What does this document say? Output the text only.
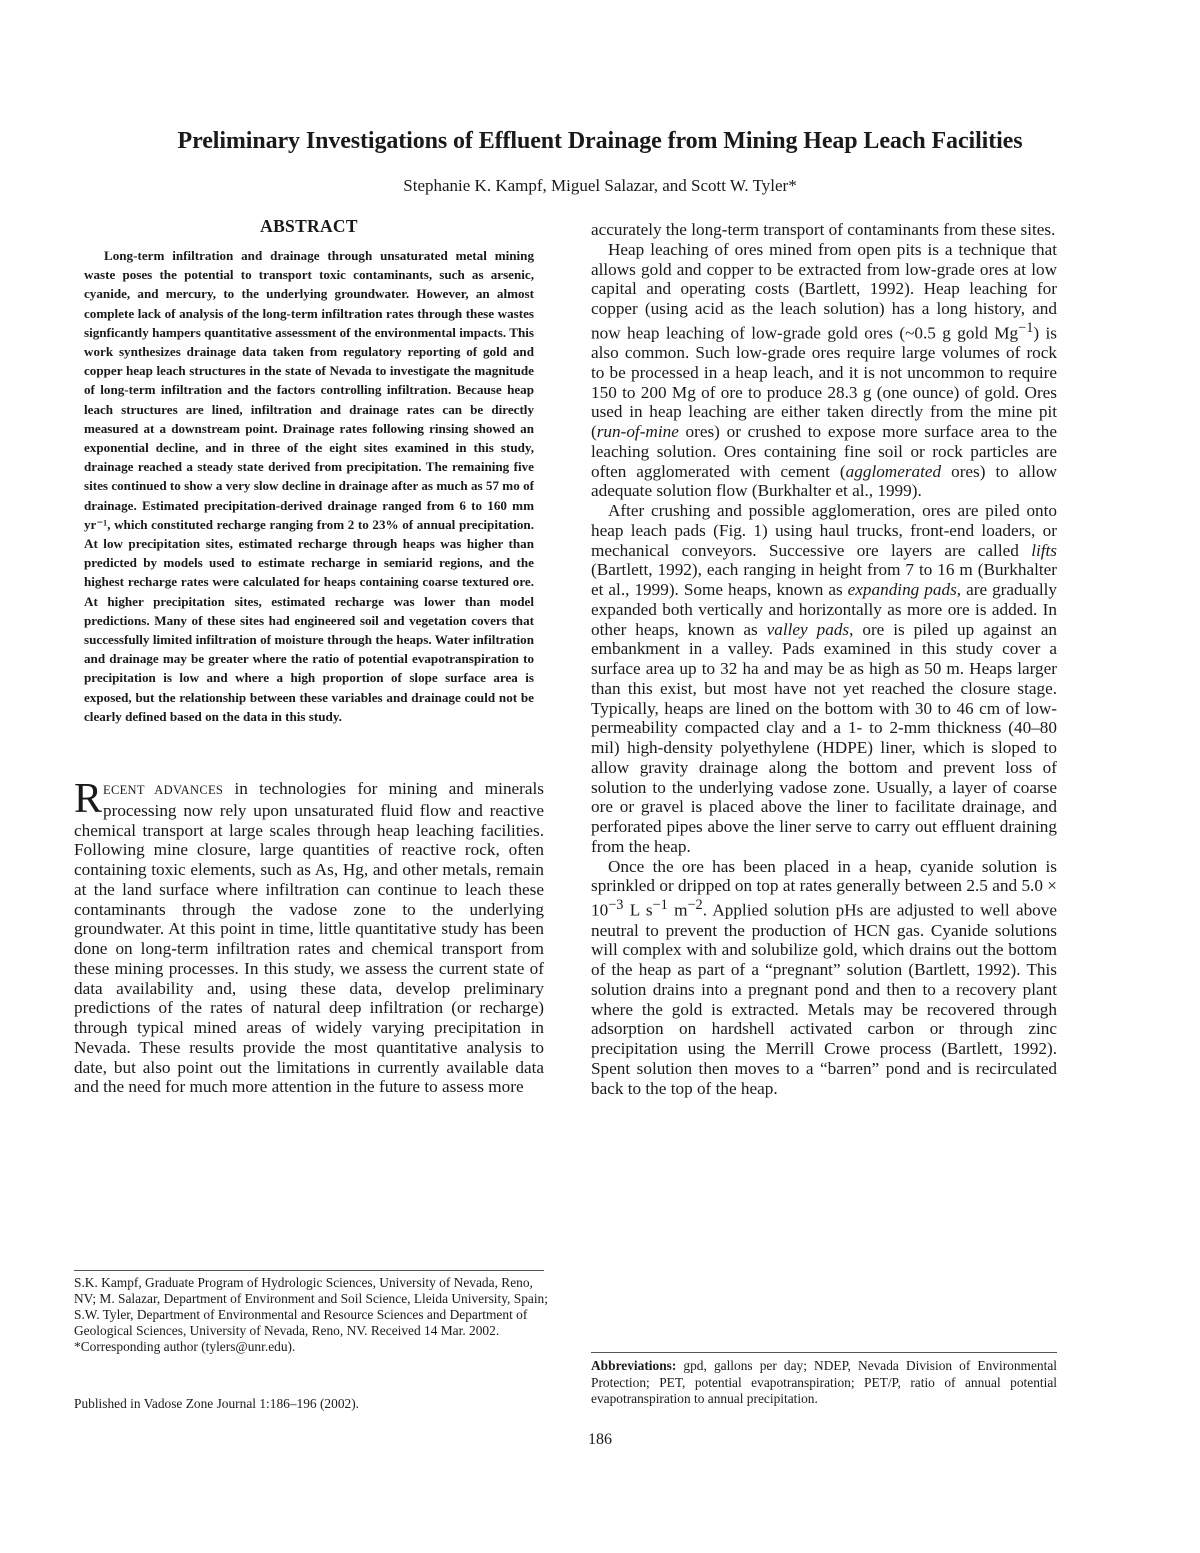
Preliminary Investigations of Effluent Drainage from Mining Heap Leach Facilities

Stephanie K. Kampf, Miguel Salazar, and Scott W. Tyler*

ABSTRACT

Long-term infiltration and drainage through unsaturated metal mining waste poses the potential to transport toxic contaminants, such as arsenic, cyanide, and mercury, to the underlying groundwater. However, an almost complete lack of analysis of the long-term infiltration rates through these wastes signficantly hampers quantitative assessment of the environmental impacts. This work synthesizes drainage data taken from regulatory reporting of gold and copper heap leach structures in the state of Nevada to investigate the magnitude of long-term infiltration and the factors controlling infiltration. Because heap leach structures are lined, infiltration and drainage rates can be directly measured at a downstream point. Drainage rates following rinsing showed an exponential decline, and in three of the eight sites examined in this study, drainage reached a steady state derived from precipitation. The remaining five sites continued to show a very slow decline in drainage after as much as 57 mo of drainage. Estimated precipitation-derived drainage ranged from 6 to 160 mm yr⁻¹, which constituted recharge ranging from 2 to 23% of annual precipitation. At low precipitation sites, estimated recharge through heaps was higher than predicted by models used to estimate recharge in semiarid regions, and the highest recharge rates were calculated for heaps containing coarse textured ore. At higher precipitation sites, estimated recharge was lower than model predictions. Many of these sites had engineered soil and vegetation covers that successfully limited infiltration of moisture through the heaps. Water infiltration and drainage may be greater where the ratio of potential evapotranspiration to precipitation is low and where a high proportion of slope surface area is exposed, but the relationship between these variables and drainage could not be clearly defined based on the data in this study.

RECENT ADVANCES in technologies for mining and minerals processing now rely upon unsaturated fluid flow and reactive chemical transport at large scales through heap leaching facilities. Following mine closure, large quantities of reactive rock, often containing toxic elements, such as As, Hg, and other metals, remain at the land surface where infiltration can continue to leach these contaminants through the vadose zone to the underlying groundwater. At this point in time, little quantitative study has been done on long-term infiltration rates and chemical transport from these mining processes. In this study, we assess the current state of data availability and, using these data, develop preliminary predictions of the rates of natural deep infiltration (or recharge) through typical mined areas of widely varying precipitation in Nevada. These results provide the most quantitative analysis to date, but also point out the limitations in currently available data and the need for much more attention in the future to assess more

S.K. Kampf, Graduate Program of Hydrologic Sciences, University of Nevada, Reno, NV; M. Salazar, Department of Environment and Soil Science, Lleida University, Spain; S.W. Tyler, Department of Environmental and Resource Sciences and Department of Geological Sciences, University of Nevada, Reno, NV. Received 14 Mar. 2002.

*Corresponding author (tylers@unr.edu).

Published in Vadose Zone Journal 1:186–196 (2002).

accurately the long-term transport of contaminants from these sites.

Heap leaching of ores mined from open pits is a technique that allows gold and copper to be extracted from low-grade ores at low capital and operating costs (Bartlett, 1992). Heap leaching for copper (using acid as the leach solution) has a long history, and now heap leaching of low-grade gold ores (~0.5 g gold $Mg^{-1}$) is also common. Such low-grade ores require large volumes of rock to be processed in a heap leach, and it is not uncommon to require 150 to 200 Mg of ore to produce 28.3 g (one ounce) of gold. Ores used in heap leaching are either taken directly from the mine pit (run-of-mine ores) or crushed to expose more surface area to the leaching solution. Ores containing fine soil or rock particles are often agglomerated with cement (agglomerated ores) to allow adequate solution flow (Burkhalter et al., 1999).

After crushing and possible agglomeration, ores are piled onto heap leach pads (Fig. 1) using haul trucks, front-end loaders, or mechanical conveyors. Successive ore layers are called lifts (Bartlett, 1992), each ranging in height from 7 to 16 m (Burkhalter et al., 1999). Some heaps, known as expanding pads, are gradually expanded both vertically and horizontally as more ore is added. In other heaps, known as valley pads, ore is piled up against an embankment in a valley. Pads examined in this study cover a surface area up to 32 ha and may be as high as 50 m. Heaps larger than this exist, but most have not yet reached the closure stage. Typically, heaps are lined on the bottom with 30 to 46 cm of low-permeability compacted clay and a 1- to 2-mm thickness (40–80 mil) high-density polyethylene (HDPE) liner, which is sloped to allow gravity drainage along the bottom and prevent loss of solution to the underlying vadose zone. Usually, a layer of coarse ore or gravel is placed above the liner to facilitate drainage, and perforated pipes above the liner serve to carry out effluent draining from the heap.

Once the ore has been placed in a heap, cyanide solution is sprinkled or dripped on top at rates generally between 2.5 and $5.0 \times 10^{-3}$ L $s^{-1}$ $m^{-2}$. Applied solution pHs are adjusted to well above neutral to prevent the production of HCN gas. Cyanide solutions will complex with and solubilize gold, which drains out the bottom of the heap as part of a “pregnant” solution (Bartlett, 1992). This solution drains into a pregnant pond and then to a recovery plant where the gold is extracted. Metals may be recovered through adsorption on hardshell activated carbon or through zinc precipitation using the Merrill Crowe process (Bartlett, 1992). Spent solution then moves to a “barren” pond and is recirculated back to the top of the heap.

Abbreviations: gpd, gallons per day; NDEP, Nevada Division of Environmental Protection; PET, potential evapotranspiration; PET/P, ratio of annual potential evapotranspiration to annual precipitation.
186
